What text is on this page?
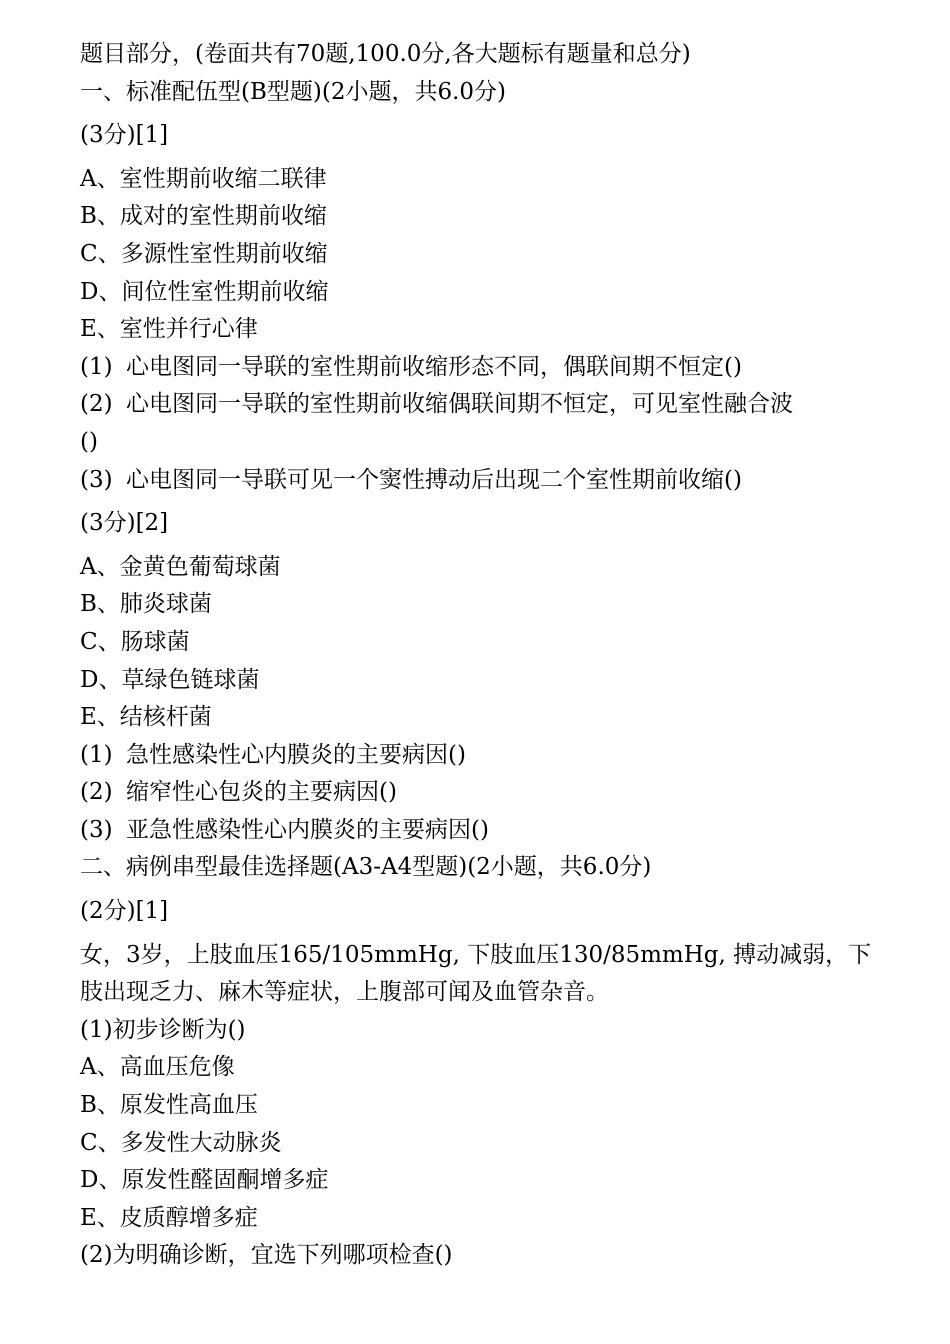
题目部分，(卷面共有70题,100.0分,各大题标有题量和总分)
一、标准配伍型(B型题)(2小题，共6.0分)
(3分)[1]
A、室性期前收缩二联律
B、成对的室性期前收缩
C、多源性室性期前收缩
D、间位性室性期前收缩
E、室性并行心律
(1) 心电图同一导联的室性期前收缩形态不同，偶联间期不恒定()
(2) 心电图同一导联的室性期前收缩偶联间期不恒定，可见室性融合波
()
(3) 心电图同一导联可见一个窦性搏动后出现二个室性期前收缩()
(3分)[2]
A、金黄色葡萄球菌
B、肺炎球菌
C、肠球菌
D、草绿色链球菌
E、结核杆菌
(1) 急性感染性心内膜炎的主要病因()
(2) 缩窄性心包炎的主要病因()
(3) 亚急性感染性心内膜炎的主要病因()
二、病例串型最佳选择题(A3-A4型题)(2小题，共6.0分)
(2分)[1]
女，3岁，上肢血压165/105mmHg, 下肢血压130/85mmHg, 搏动减弱，下
肢出现乏力、麻木等症状，上腹部可闻及血管杂音。
(1)初步诊断为()
A、高血压危像
B、原发性高血压
C、多发性大动脉炎
D、原发性醛固酮增多症
E、皮质醇增多症
(2)为明确诊断，宜选下列哪项检查()
